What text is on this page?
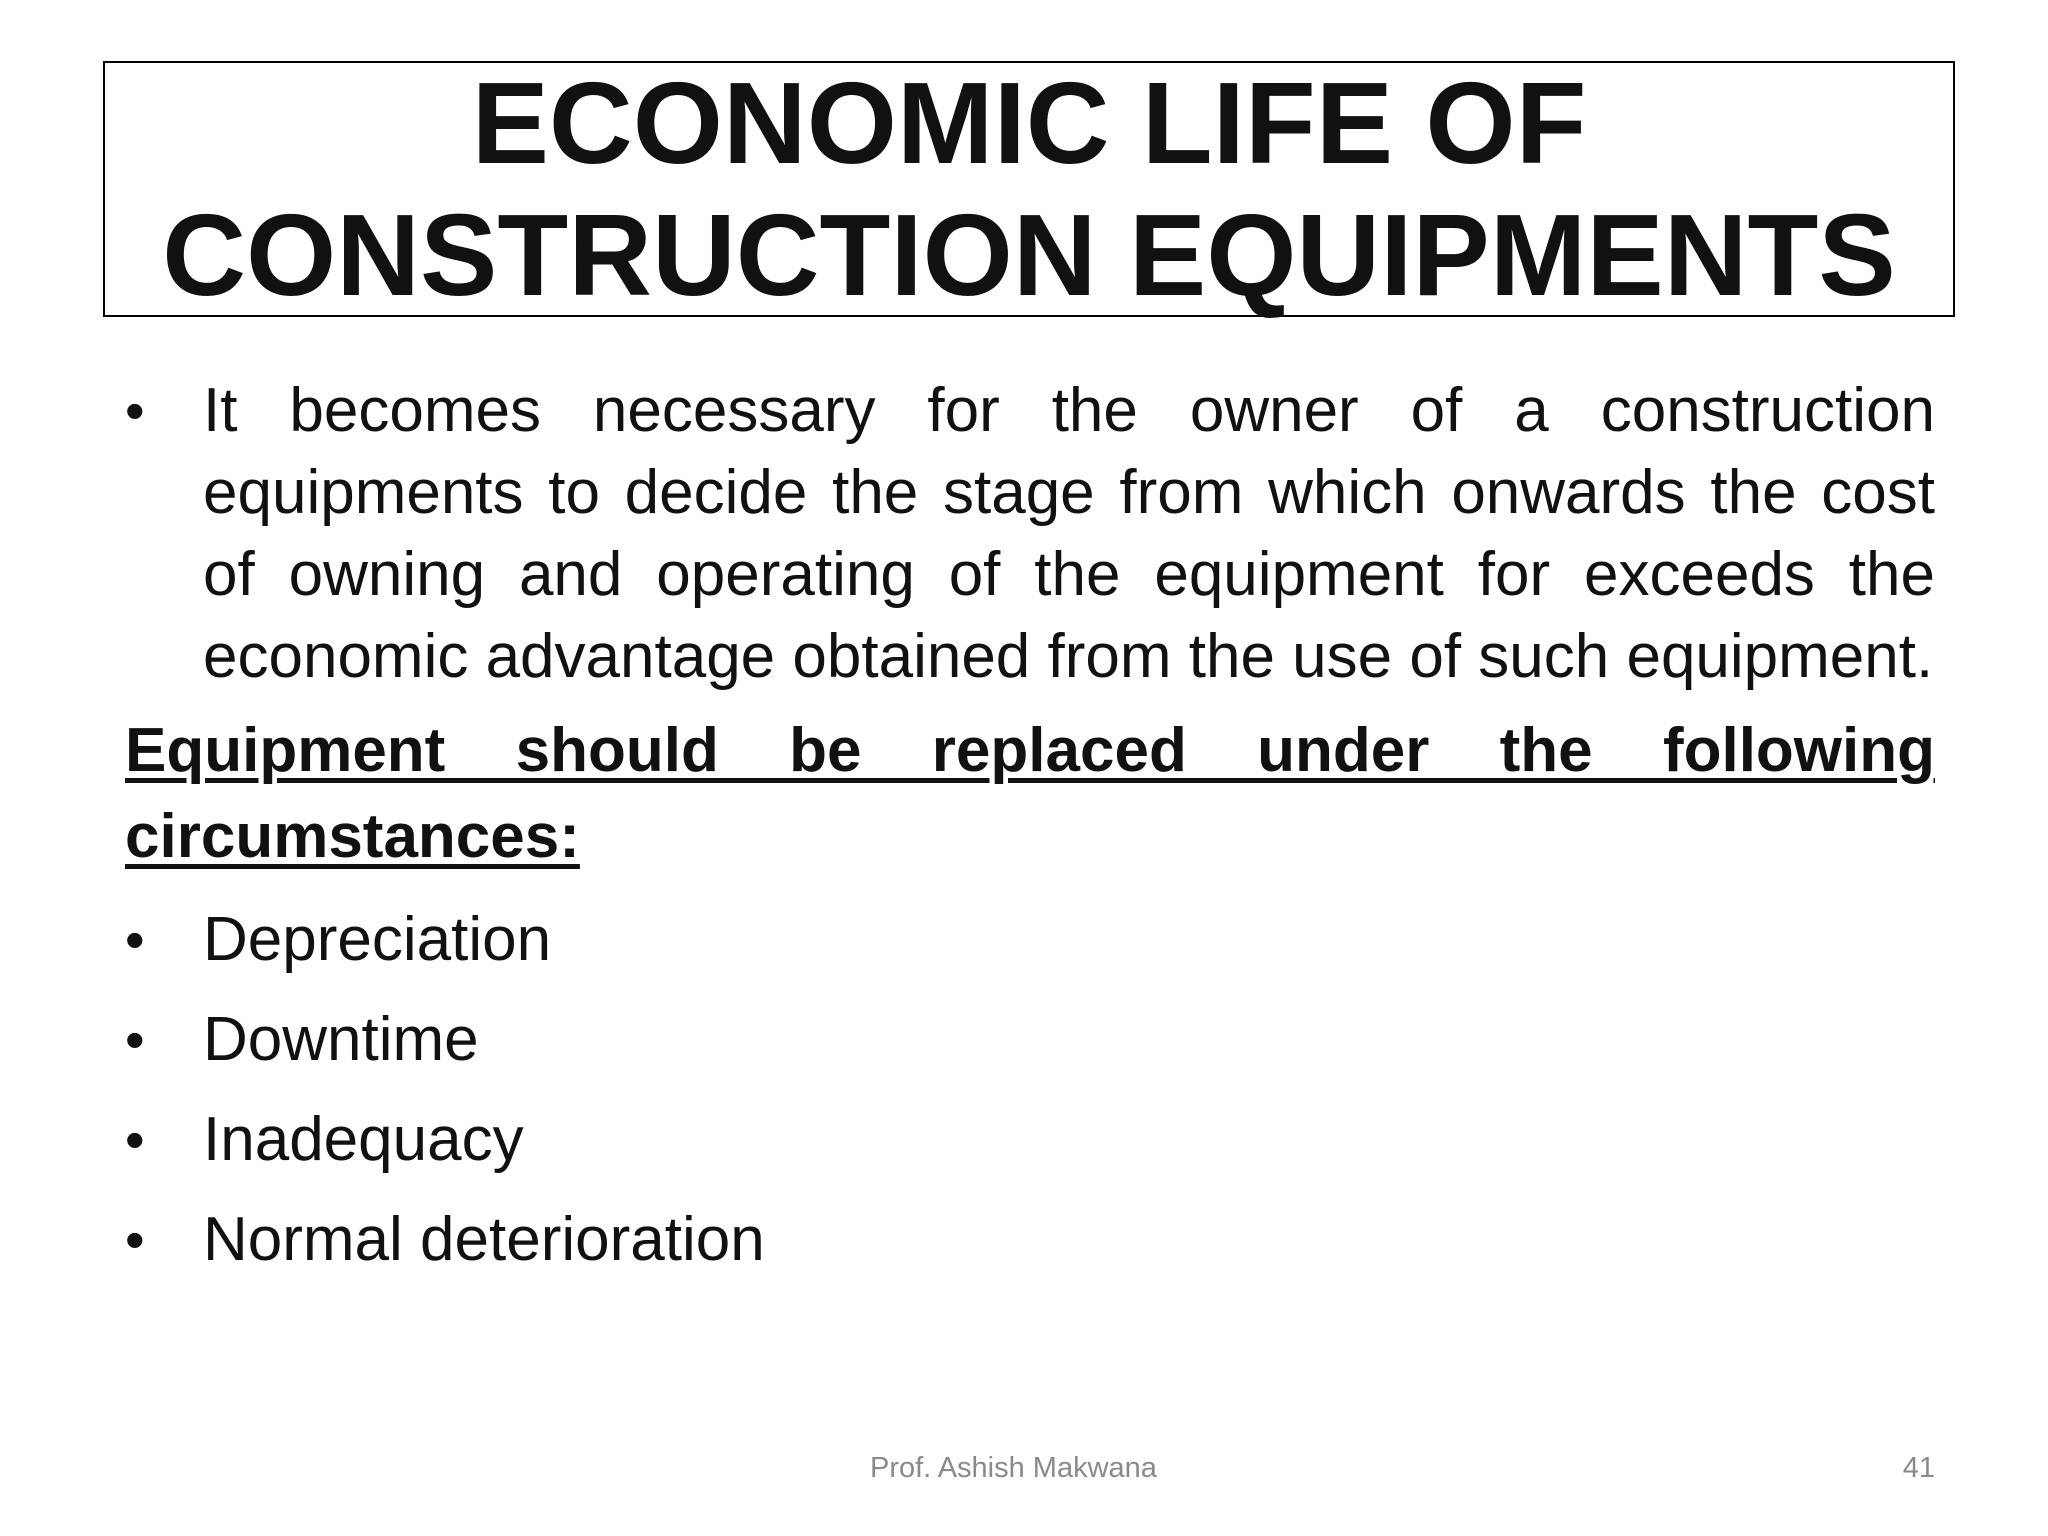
ECONOMIC LIFE OF
CONSTRUCTION EQUIPMENTS
• It becomes necessary for the owner of a construction equipments to decide the stage from which onwards the cost of owning and operating of the equipment for exceeds the economic advantage obtained from the use of such equipment.
Equipment should be replaced under the following circumstances:
• Depreciation
• Downtime
• Inadequacy
• Normal deterioration
Prof. Ashish Makwana	41
